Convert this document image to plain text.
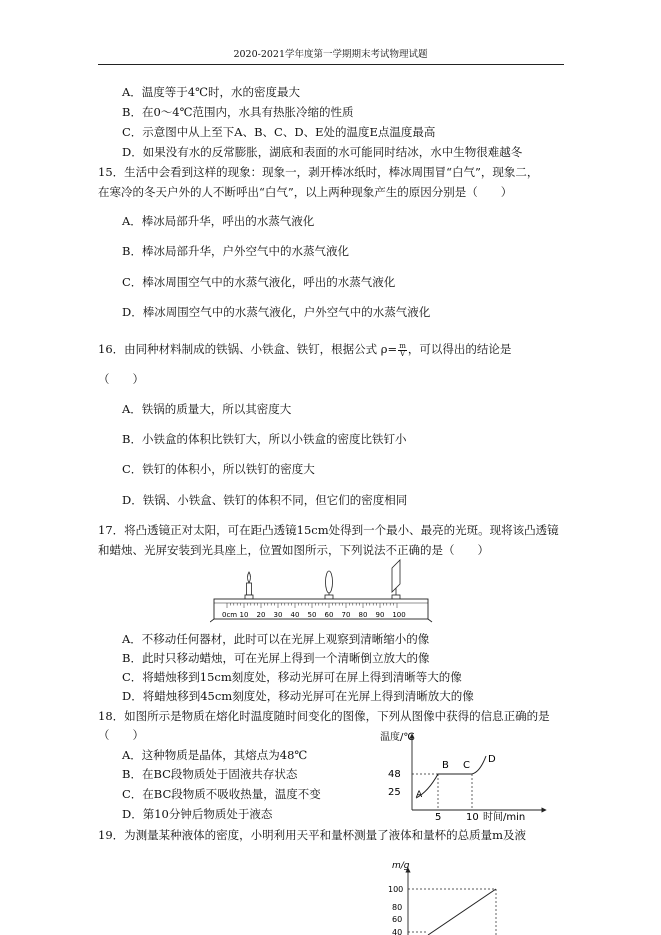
2020-2021学年度第一学期期末考试物理试题
A．温度等于4℃时，水的密度最大
B．在0～4℃范围内，水具有热胀冷缩的性质
C．示意图中从上至下A、B、C、D、E处的温度E点温度最高
D．如果没有水的反常膨胀，湖底和表面的水可能同时结冰，水中生物很难越冬
15．生活中会看到这样的现象：现象一，剥开棒冰纸时，棒冰周围冒“白气”，现象二，
在寒冷的冬天户外的人不断呼出“白气”，以上两种现象产生的原因分别是（　　）
A．棒冰局部升华，呼出的水蒸气液化
B．棒冰局部升华，户外空气中的水蒸气液化
C．棒冰周围空气中的水蒸气液化，呼出的水蒸气液化
D．棒冰周围空气中的水蒸气液化，户外空气中的水蒸气液化
16．由同种材料制成的铁锅、小铁盒、铁钉，根据公式 $\rho= \frac{m}{V}$ ，可以得出的结论是
（　　）
A．铁锅的质量大，所以其密度大
B．小铁盒的体积比铁钉大，所以小铁盒的密度比铁钉小
C．铁钉的体积小，所以铁钉的密度大
D．铁锅、小铁盒、铁钉的体积不同，但它们的密度相同
17．将凸透镜正对太阳，可在距凸透镜15cm处得到一个最小、最亮的光斑。现将该凸透镜
和蜡烛、光屏安装到光具座上，位置如图所示，下列说法不正确的是（　　）
0cm 10 20 30 40 50 60 70 80 90 100
A．不移动任何器材，此时可以在光屏上观察到清晰缩小的像
B．此时只移动蜡烛，可在光屏上得到一个清晰倒立放大的像
C．将蜡烛移到15cm刻度处，移动光屏可在屏上得到清晰等大的像
D．将蜡烛移到45cm刻度处，移动光屏可在光屏上得到清晰放大的像
18．如图所示是物质在熔化时温度随时间变化的图像，下列从图像中获得的信息正确的是
（　　）
A．这种物质是晶体，其熔点为48℃
B．在BC段物质处于固液共存状态
C．在BC段物质不吸收热量，温度不变
D．第10分钟后物质处于液态
温度/℃
48
25 A
B C
D
5 10 时间/min
19．为测量某种液体的密度，小明利用天平和量杯测量了液体和量杯的总质量m及液
m/g
100
80
60
40
